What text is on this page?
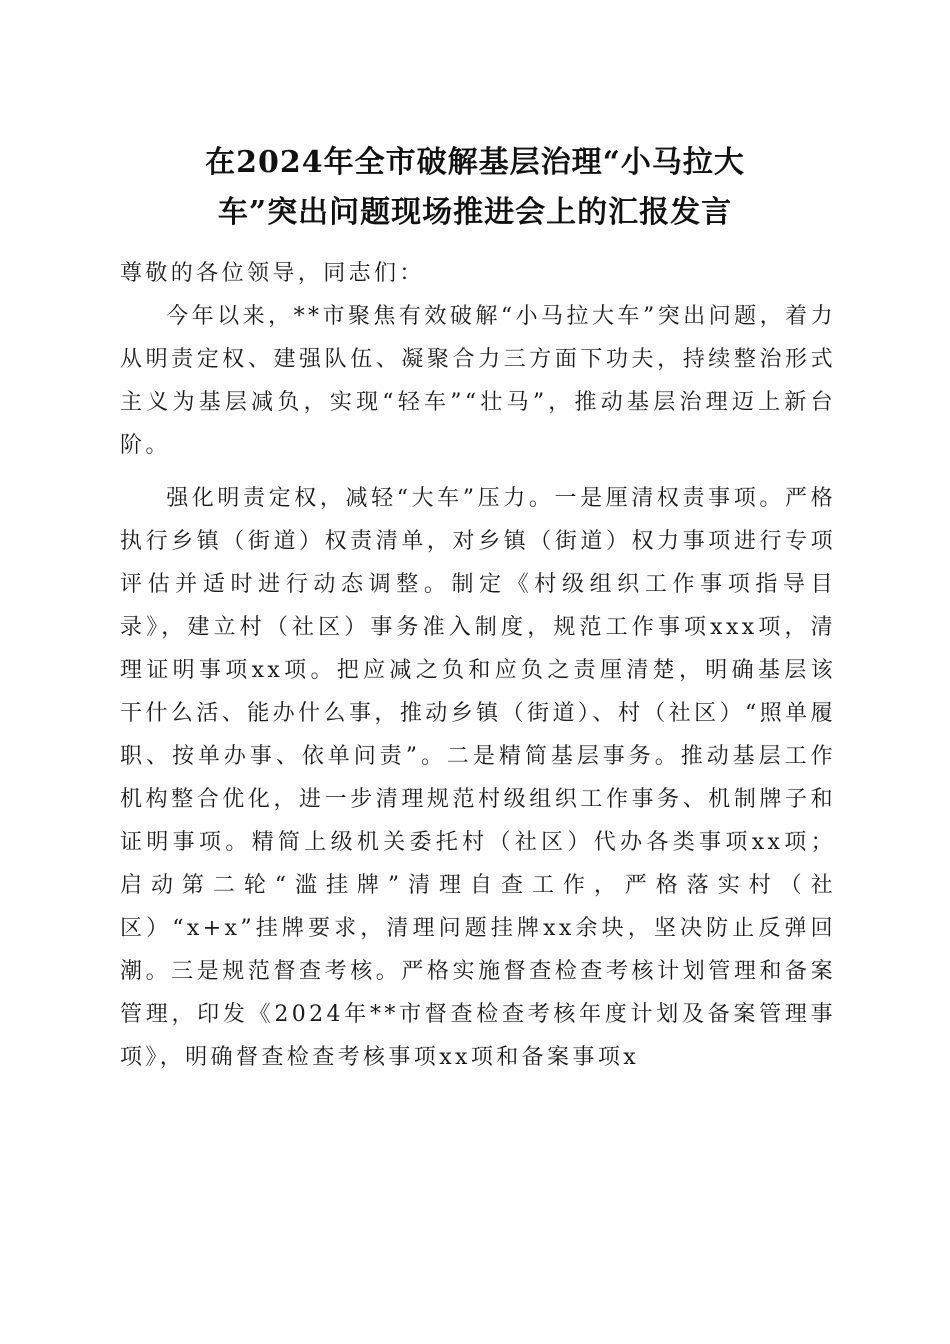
在2024年全市破解基层治理“小马拉大
车”突出问题现场推进会上的汇报发言

尊敬的各位领导，同志们：

今年以来，**市聚焦有效破解“小马拉大车”突出问题，着力从明责定权、建强队伍、凝聚合力三方面下功夫，持续整治形式主义为基层减负，实现“轻车”“壮马”，推动基层治理迈上新台阶。

强化明责定权，减轻“大车”压力。一是厘清权责事项。严格执行乡镇（街道）权责清单，对乡镇（街道）权力事项进行专项评估并适时进行动态调整。制定《村级组织工作事项指导目录》，建立村（社区）事务准入制度，规范工作事项xxx项，清理证明事项xx项。把应减之负和应负之责厘清楚，明确基层该干什么活、能办什么事，推动乡镇（街道）、村（社区）“照单履职、按单办事、依单问责”。二是精简基层事务。推动基层工作机构整合优化，进一步清理规范村级组织工作事务、机制牌子和证明事项。精简上级机关委托村（社区）代办各类事项xx项；启动第二轮“滥挂牌”清理自查工作，严格落实村（社区）“x+x”挂牌要求，清理问题挂牌xx余块，坚决防止反弹回潮。三是规范督查考核。严格实施督查检查考核计划管理和备案管理，印发《2024年**市督查检查考核年度计划及备案管理事项》，明确督查检查考核事项xx项和备案事项x
